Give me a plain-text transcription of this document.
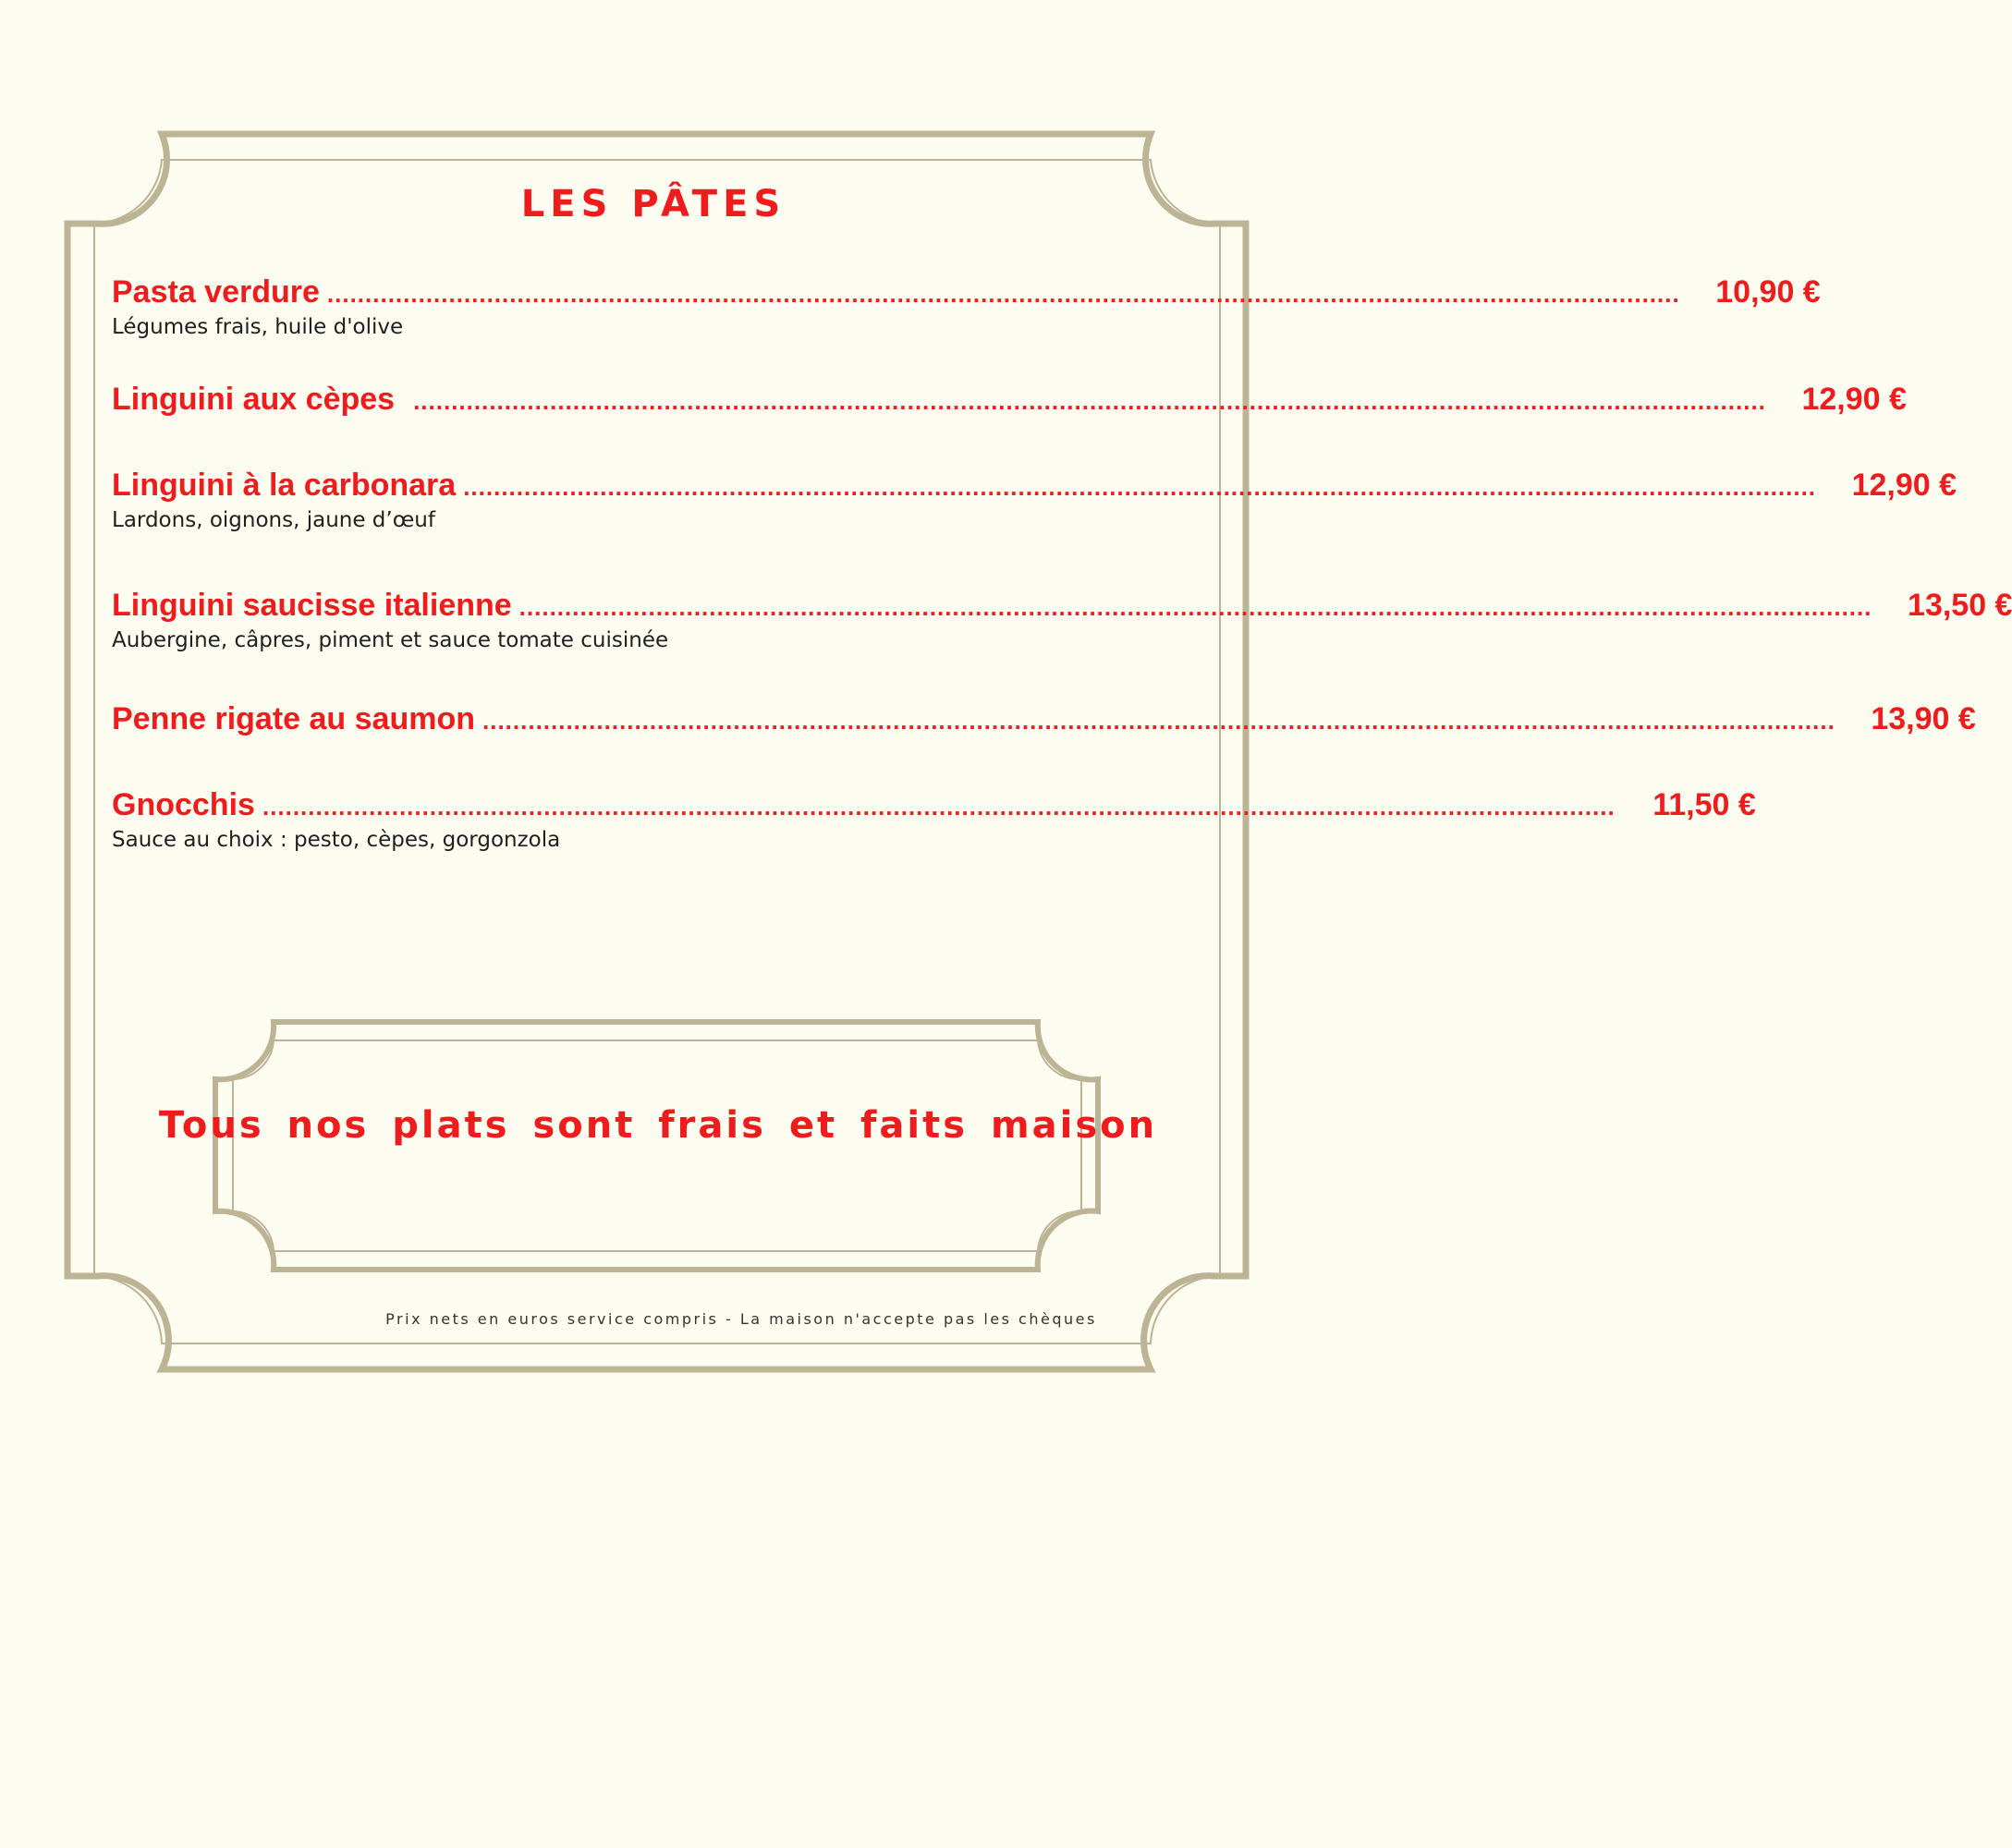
LES PÂTES
Pasta verdure ..................................................................................................................................................................................	10,90 €
Légumes frais, huile d'olive
Linguini aux cèpes ..................................................................................................................................................................................	12,90 €
Linguini à la carbonara ..................................................................................................................................................................................	12,90 €
Lardons, oignons, jaune d’œuf
Linguini saucisse italienne ..................................................................................................................................................................................	13,50 €
Aubergine, câpres, piment et sauce tomate cuisinée
Penne rigate au saumon ..................................................................................................................................................................................	13,90 €
Gnocchis ..................................................................................................................................................................................	11,50 €
Sauce au choix : pesto, cèpes, gorgonzola
Tous nos plats sont frais et faits maison
Prix nets en euros service compris - La maison n'accepte pas les chèques
